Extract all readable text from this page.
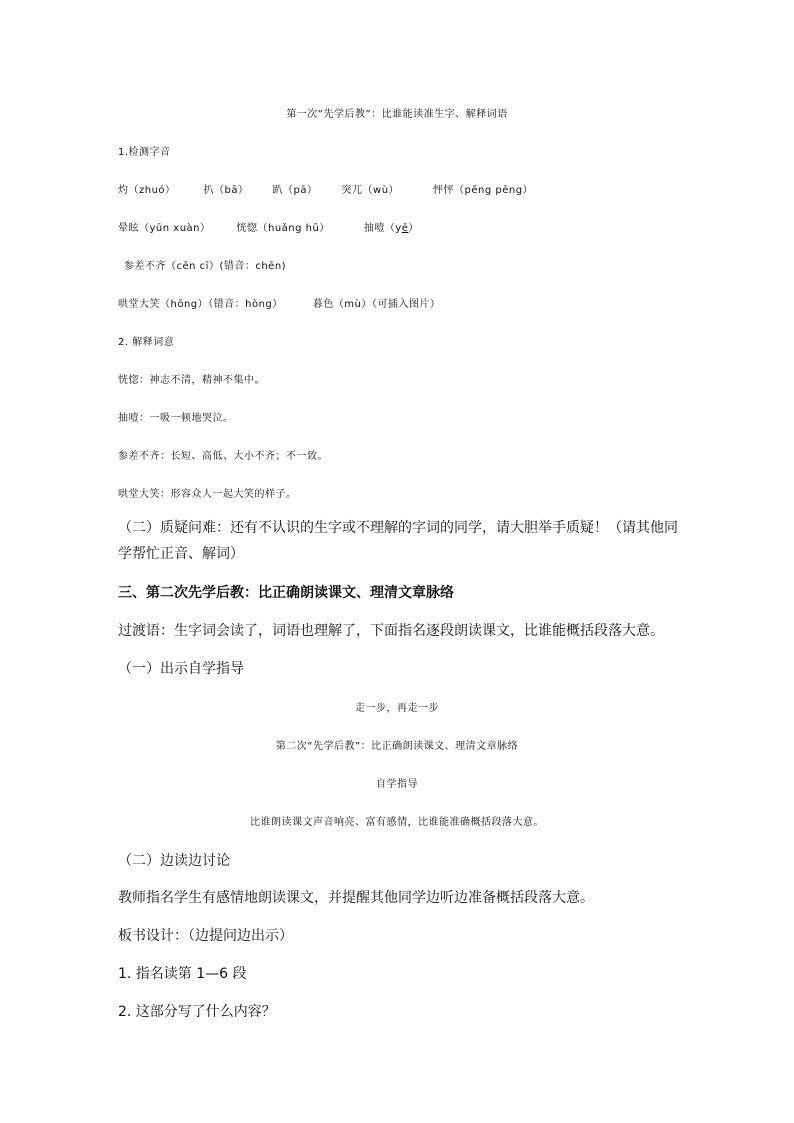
第一次“先学后教”：比谁能读准生字、解释词语
1.检测字音
灼（zhuó）	扒（bā） 趴（pā） 突兀（wù）	怦怦（pēng pēng）
晕眩（yūn xuàn）	恍惚（huǎng hū）	抽噎（yē）
参差不齐（cēn cī）(错音：chēn)
哄堂大笑（hōng）（错音：hòng）	暮色（mù）（可插入图片）
2. 解释词意
恍惚：神志不清，精神不集中。
抽噎：一吸一顿地哭泣。
参差不齐：长短、高低、大小不齐；不一致。
哄堂大笑：形容众人一起大笑的样子。
（二）质疑问难：还有不认识的生字或不理解的字词的同学，请大胆举手质疑！（请其他同学帮忙正音、解词）
三、第二次先学后教：比正确朗读课文、理清文章脉络
过渡语：生字词会读了，词语也理解了，下面指名逐段朗读课文，比谁能概括段落大意。
（一）出示自学指导
走一步，再走一步
第二次“先学后教”：比正确朗读课文、理清文章脉络
自学指导
比谁朗读课文声音响亮、富有感情，比谁能准确概括段落大意。
（二）边读边讨论
教师指名学生有感情地朗读课文，并提醒其他同学边听边准备概括段落大意。
板书设计：（边提问边出示）
1. 指名读第 1—6 段
2. 这部分写了什么内容？
